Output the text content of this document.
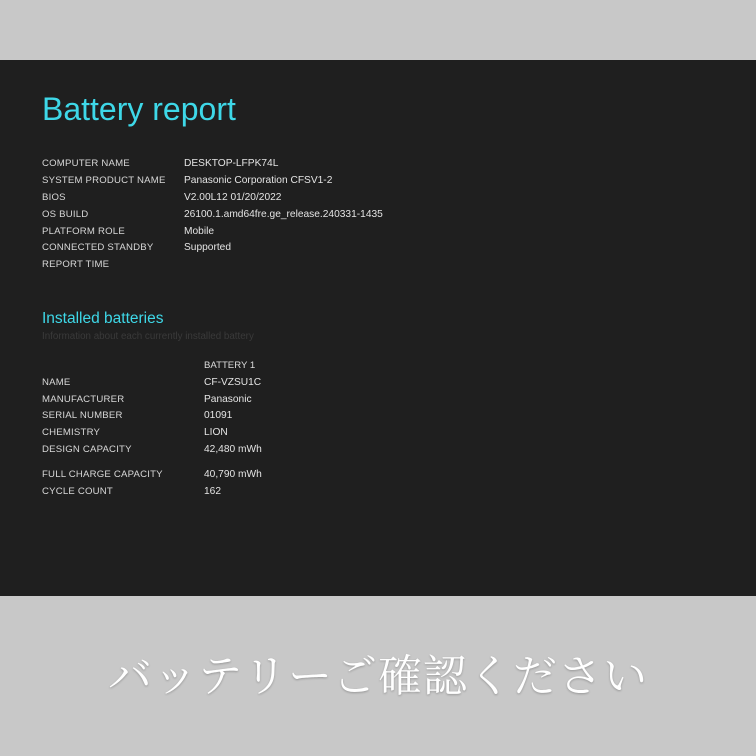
Battery report
COMPUTER NAME	DESKTOP-LFPK74L
SYSTEM PRODUCT NAME	Panasonic Corporation CFSV1-2
BIOS	V2.00L12 01/20/2022
OS BUILD	26100.1.amd64fre.ge_release.240331-1435
PLATFORM ROLE	Mobile
CONNECTED STANDBY	Supported
REPORT TIME	
Installed batteries
Information about each currently installed battery
	BATTERY 1
NAME	CF-VZSU1C
MANUFACTURER	Panasonic
SERIAL NUMBER	01091
CHEMISTRY	LION
DESIGN CAPACITY	42,480 mWh

FULL CHARGE CAPACITY	40,790 mWh
CYCLE COUNT	162
バッテリーご確認ください
